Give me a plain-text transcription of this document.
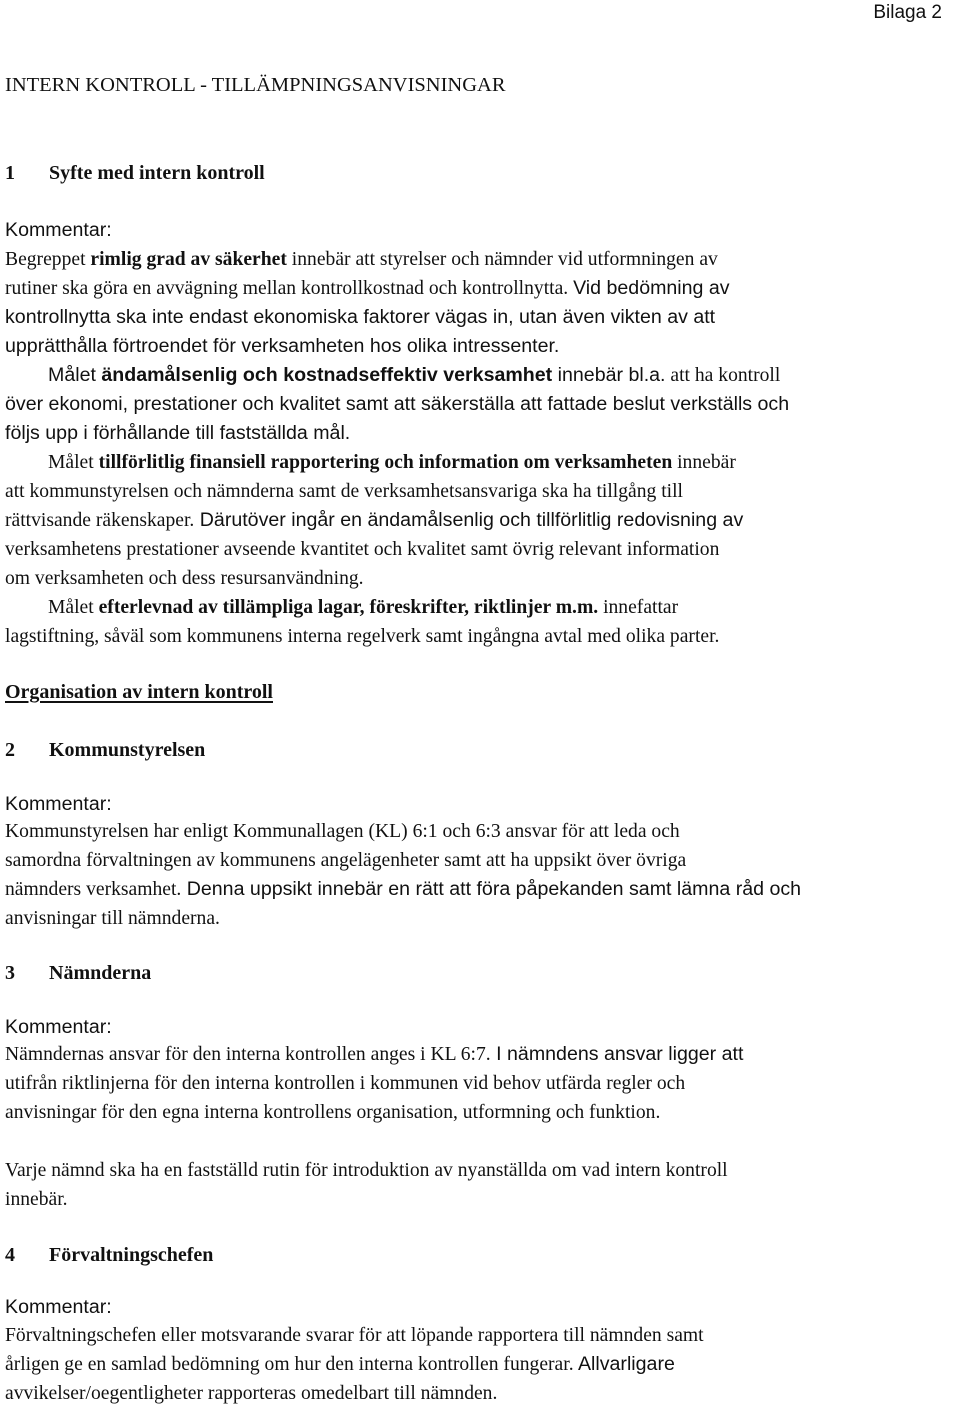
Bilaga 2
INTERN KONTROLL - TILLÄMPNINGSANVISNINGAR
1 Syfte med intern kontroll
Kommentar:
Begreppet rimlig grad av säkerhet innebär att styrelser och nämnder vid utformningen av
rutiner ska göra en avvägning mellan kontrollkostnad och kontrollnytta. Vid bedömning av
kontrollnytta ska inte endast ekonomiska faktorer vägas in, utan även vikten av att
upprätthålla förtroendet för verksamheten hos olika intressenter.
Målet ändamålsenlig och kostnadseffektiv verksamhet innebär bl.a. att ha kontroll
över ekonomi, prestationer och kvalitet samt att säkerställa att fattade beslut verkställs och
följs upp i förhållande till fastställda mål.
Målet tillförlitlig finansiell rapportering och information om verksamheten innebär
att kommunstyrelsen och nämnderna samt de verksamhetsansvariga ska ha tillgång till
rättvisande räkenskaper. Därutöver ingår en ändamålsenlig och tillförlitlig redovisning av
verksamhetens prestationer avseende kvantitet och kvalitet samt övrig relevant information
om verksamheten och dess resursanvändning.
Målet efterlevnad av tillämpliga lagar, föreskrifter, riktlinjer m.m. innefattar
lagstiftning, såväl som kommunens interna regelverk samt ingångna avtal med olika parter.
Organisation av intern kontroll
2 Kommunstyrelsen
Kommentar:
Kommunstyrelsen har enligt Kommunallagen (KL) 6:1 och 6:3 ansvar för att leda och
samordna förvaltningen av kommunens angelägenheter samt att ha uppsikt över övriga
nämnders verksamhet. Denna uppsikt innebär en rätt att föra påpekanden samt lämna råd och
anvisningar till nämnderna.
3 Nämnderna
Kommentar:
Nämndernas ansvar för den interna kontrollen anges i KL 6:7. I nämndens ansvar ligger att
utifrån riktlinjerna för den interna kontrollen i kommunen vid behov utfärda regler och
anvisningar för den egna interna kontrollens organisation, utformning och funktion.
Varje nämnd ska ha en fastställd rutin för introduktion av nyanställda om vad intern kontroll
innebär.
4 Förvaltningschefen
Kommentar:
Förvaltningschefen eller motsvarande svarar för att löpande rapportera till nämnden samt
årligen ge en samlad bedömning om hur den interna kontrollen fungerar. Allvarligare
avvikelser/oegentligheter rapporteras omedelbart till nämnden.
